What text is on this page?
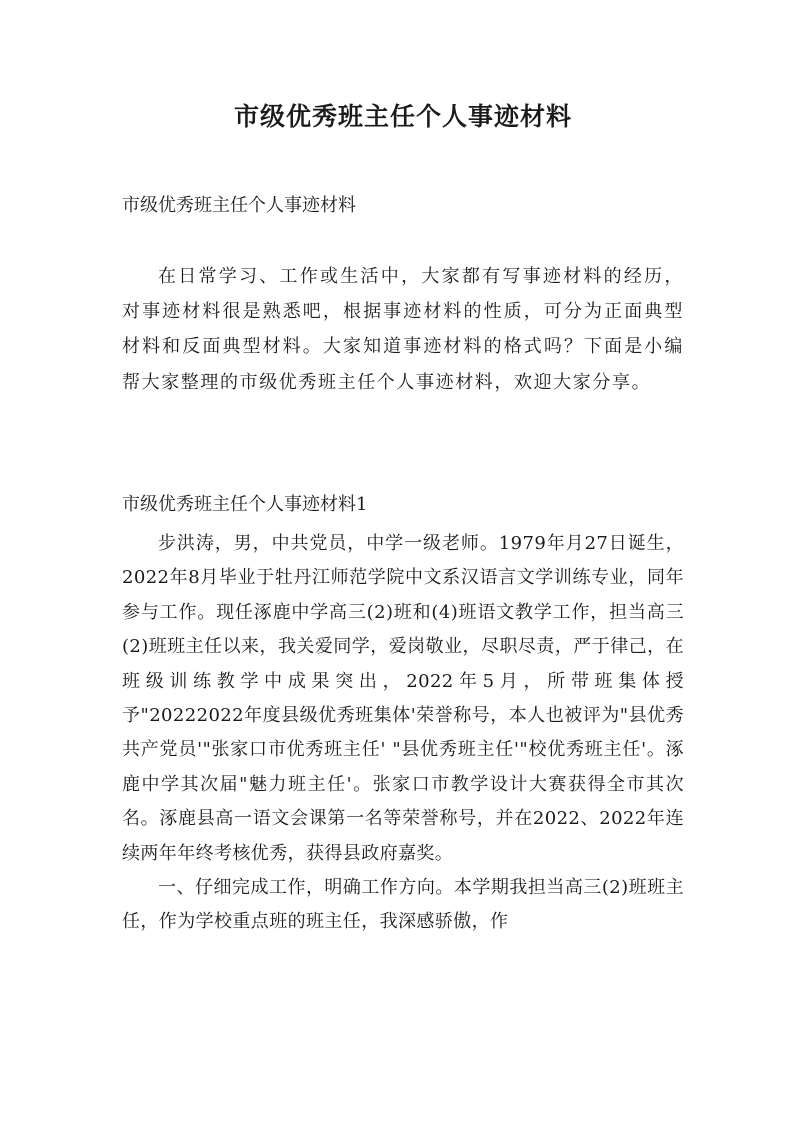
市级优秀班主任个人事迹材料

市级优秀班主任个人事迹材料

在日常学习、工作或生活中，大家都有写事迹材料的经历，对事迹材料很是熟悉吧，根据事迹材料的性质，可分为正面典型材料和反面典型材料。大家知道事迹材料的格式吗？下面是小编帮大家整理的市级优秀班主任个人事迹材料，欢迎大家分享。

市级优秀班主任个人事迹材料1

步洪涛，男，中共党员，中学一级老师。1979年月27日诞生，2022年8月毕业于牡丹江师范学院中文系汉语言文学训练专业，同年参与工作。现任涿鹿中学高三(2)班和(4)班语文教学工作，担当高三(2)班班主任以来，我关爱同学，爱岗敬业，尽职尽责，严于律己，在班级训练教学中成果突出，2022年5月，所带班集体授予"20222022年度县级优秀班集体'荣誉称号，本人也被评为"县优秀共产党员'"张家口市优秀班主任' "县优秀班主任'"校优秀班主任'。涿鹿中学其次届"魅力班主任'。张家口市教学设计大赛获得全市其次名。涿鹿县高一语文会课第一名等荣誉称号，并在2022、2022年连续两年年终考核优秀，获得县政府嘉奖。

一、仔细完成工作，明确工作方向。本学期我担当高三(2)班班主任，作为学校重点班的班主任，我深感骄傲，作
